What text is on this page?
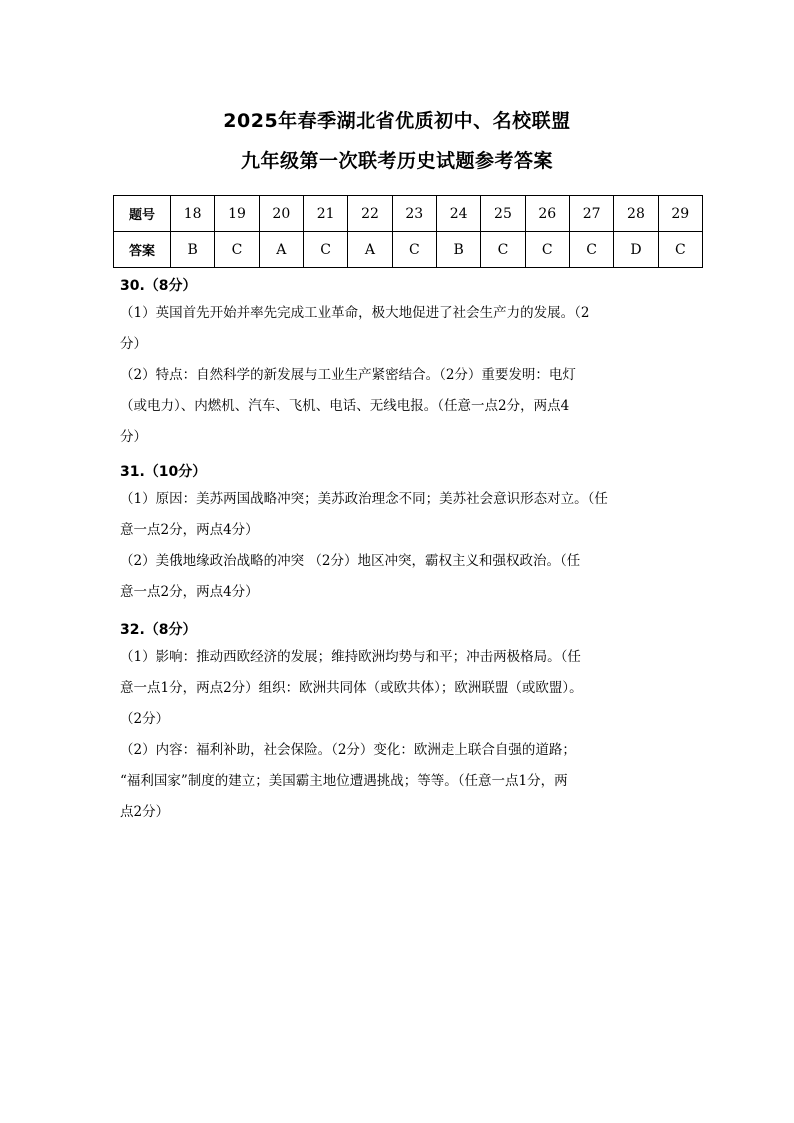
2025年春季湖北省优质初中、名校联盟
九年级第一次联考历史试题参考答案
题号	18	19	20	21	22	23	24	25	26	27	28	29
答案	B	C	A	C	A	C	B	C	C	C	D	C
30.（8分）
（1）英国首先开始并率先完成工业革命，极大地促进了社会生产力的发展。（2
分）
（2）特点：自然科学的新发展与工业生产紧密结合。（2分）重要发明：电灯
（或电力）、内燃机、汽车、飞机、电话、无线电报。（任意一点2分，两点4
分）
31.（10分）
（1）原因：美苏两国战略冲突；美苏政治理念不同；美苏社会意识形态对立。（任
意一点2分，两点4分）
（2）美俄地缘政治战略的冲突 （2分）地区冲突，霸权主义和强权政治。（任
意一点2分，两点4分）
32.（8分）
（1）影响：推动西欧经济的发展；维持欧洲均势与和平；冲击两极格局。（任
意一点1分，两点2分）组织：欧洲共同体（或欧共体）；欧洲联盟（或欧盟）。
（2分）
（2）内容：福利补助，社会保险。（2分）变化：欧洲走上联合自强的道路；
“福利国家”制度的建立；美国霸主地位遭遇挑战；等等。（任意一点1分，两
点2分）
